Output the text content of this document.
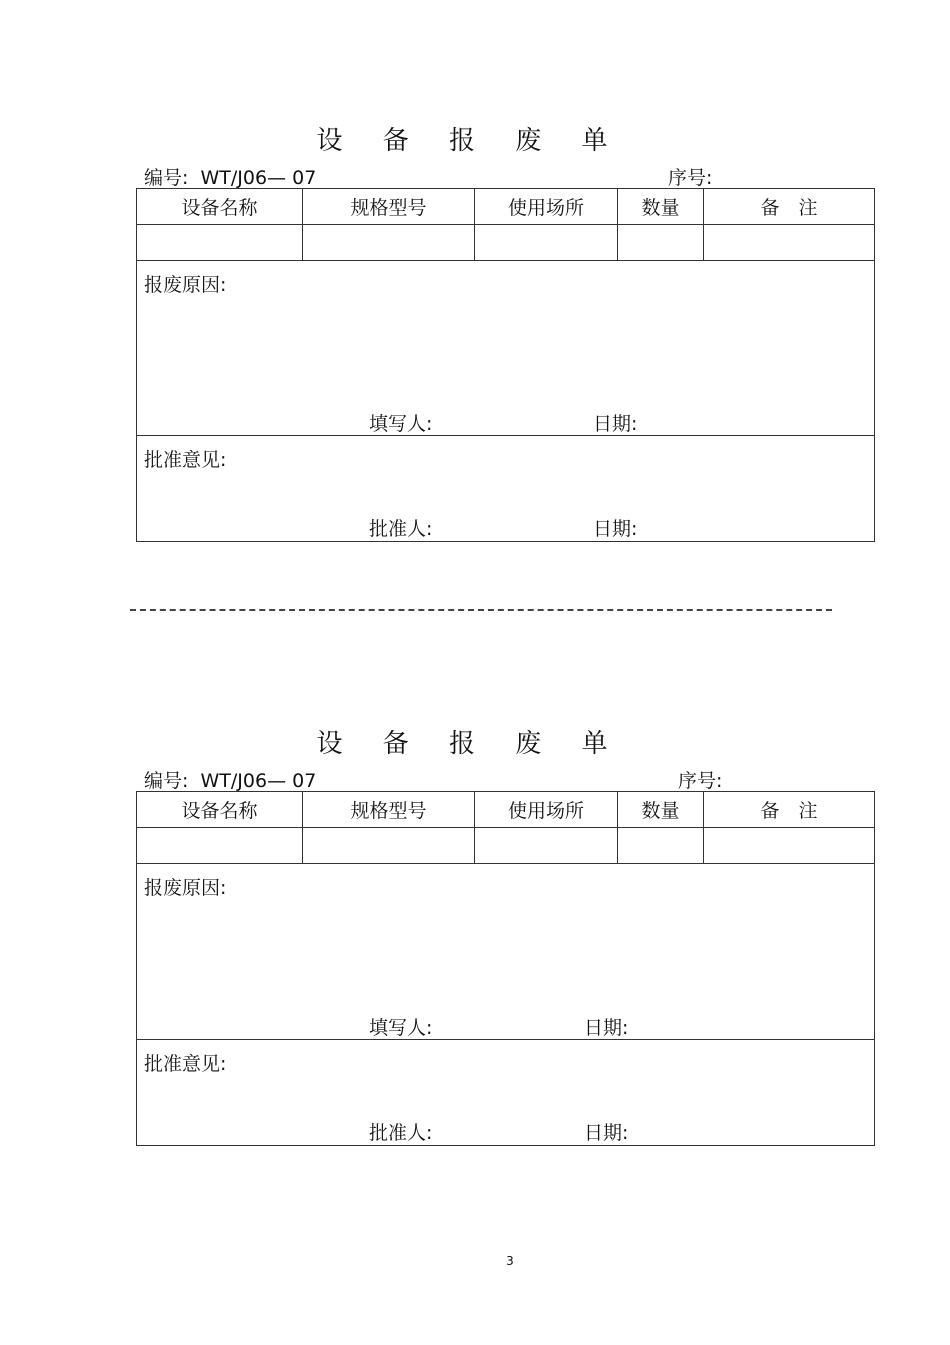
设 备 报 废 单
编号: WT/J06— 07	序号:
设备名称	规格型号	使用场所	数量	备　注
报废原因:
填写人:	日期:
批准意见:
批准人:	日期:
设 备 报 废 单
编号: WT/J06— 07	序号:
设备名称	规格型号	使用场所	数量	备　注
报废原因:
填写人:	日期:
批准意见:
批准人:	日期:
3
